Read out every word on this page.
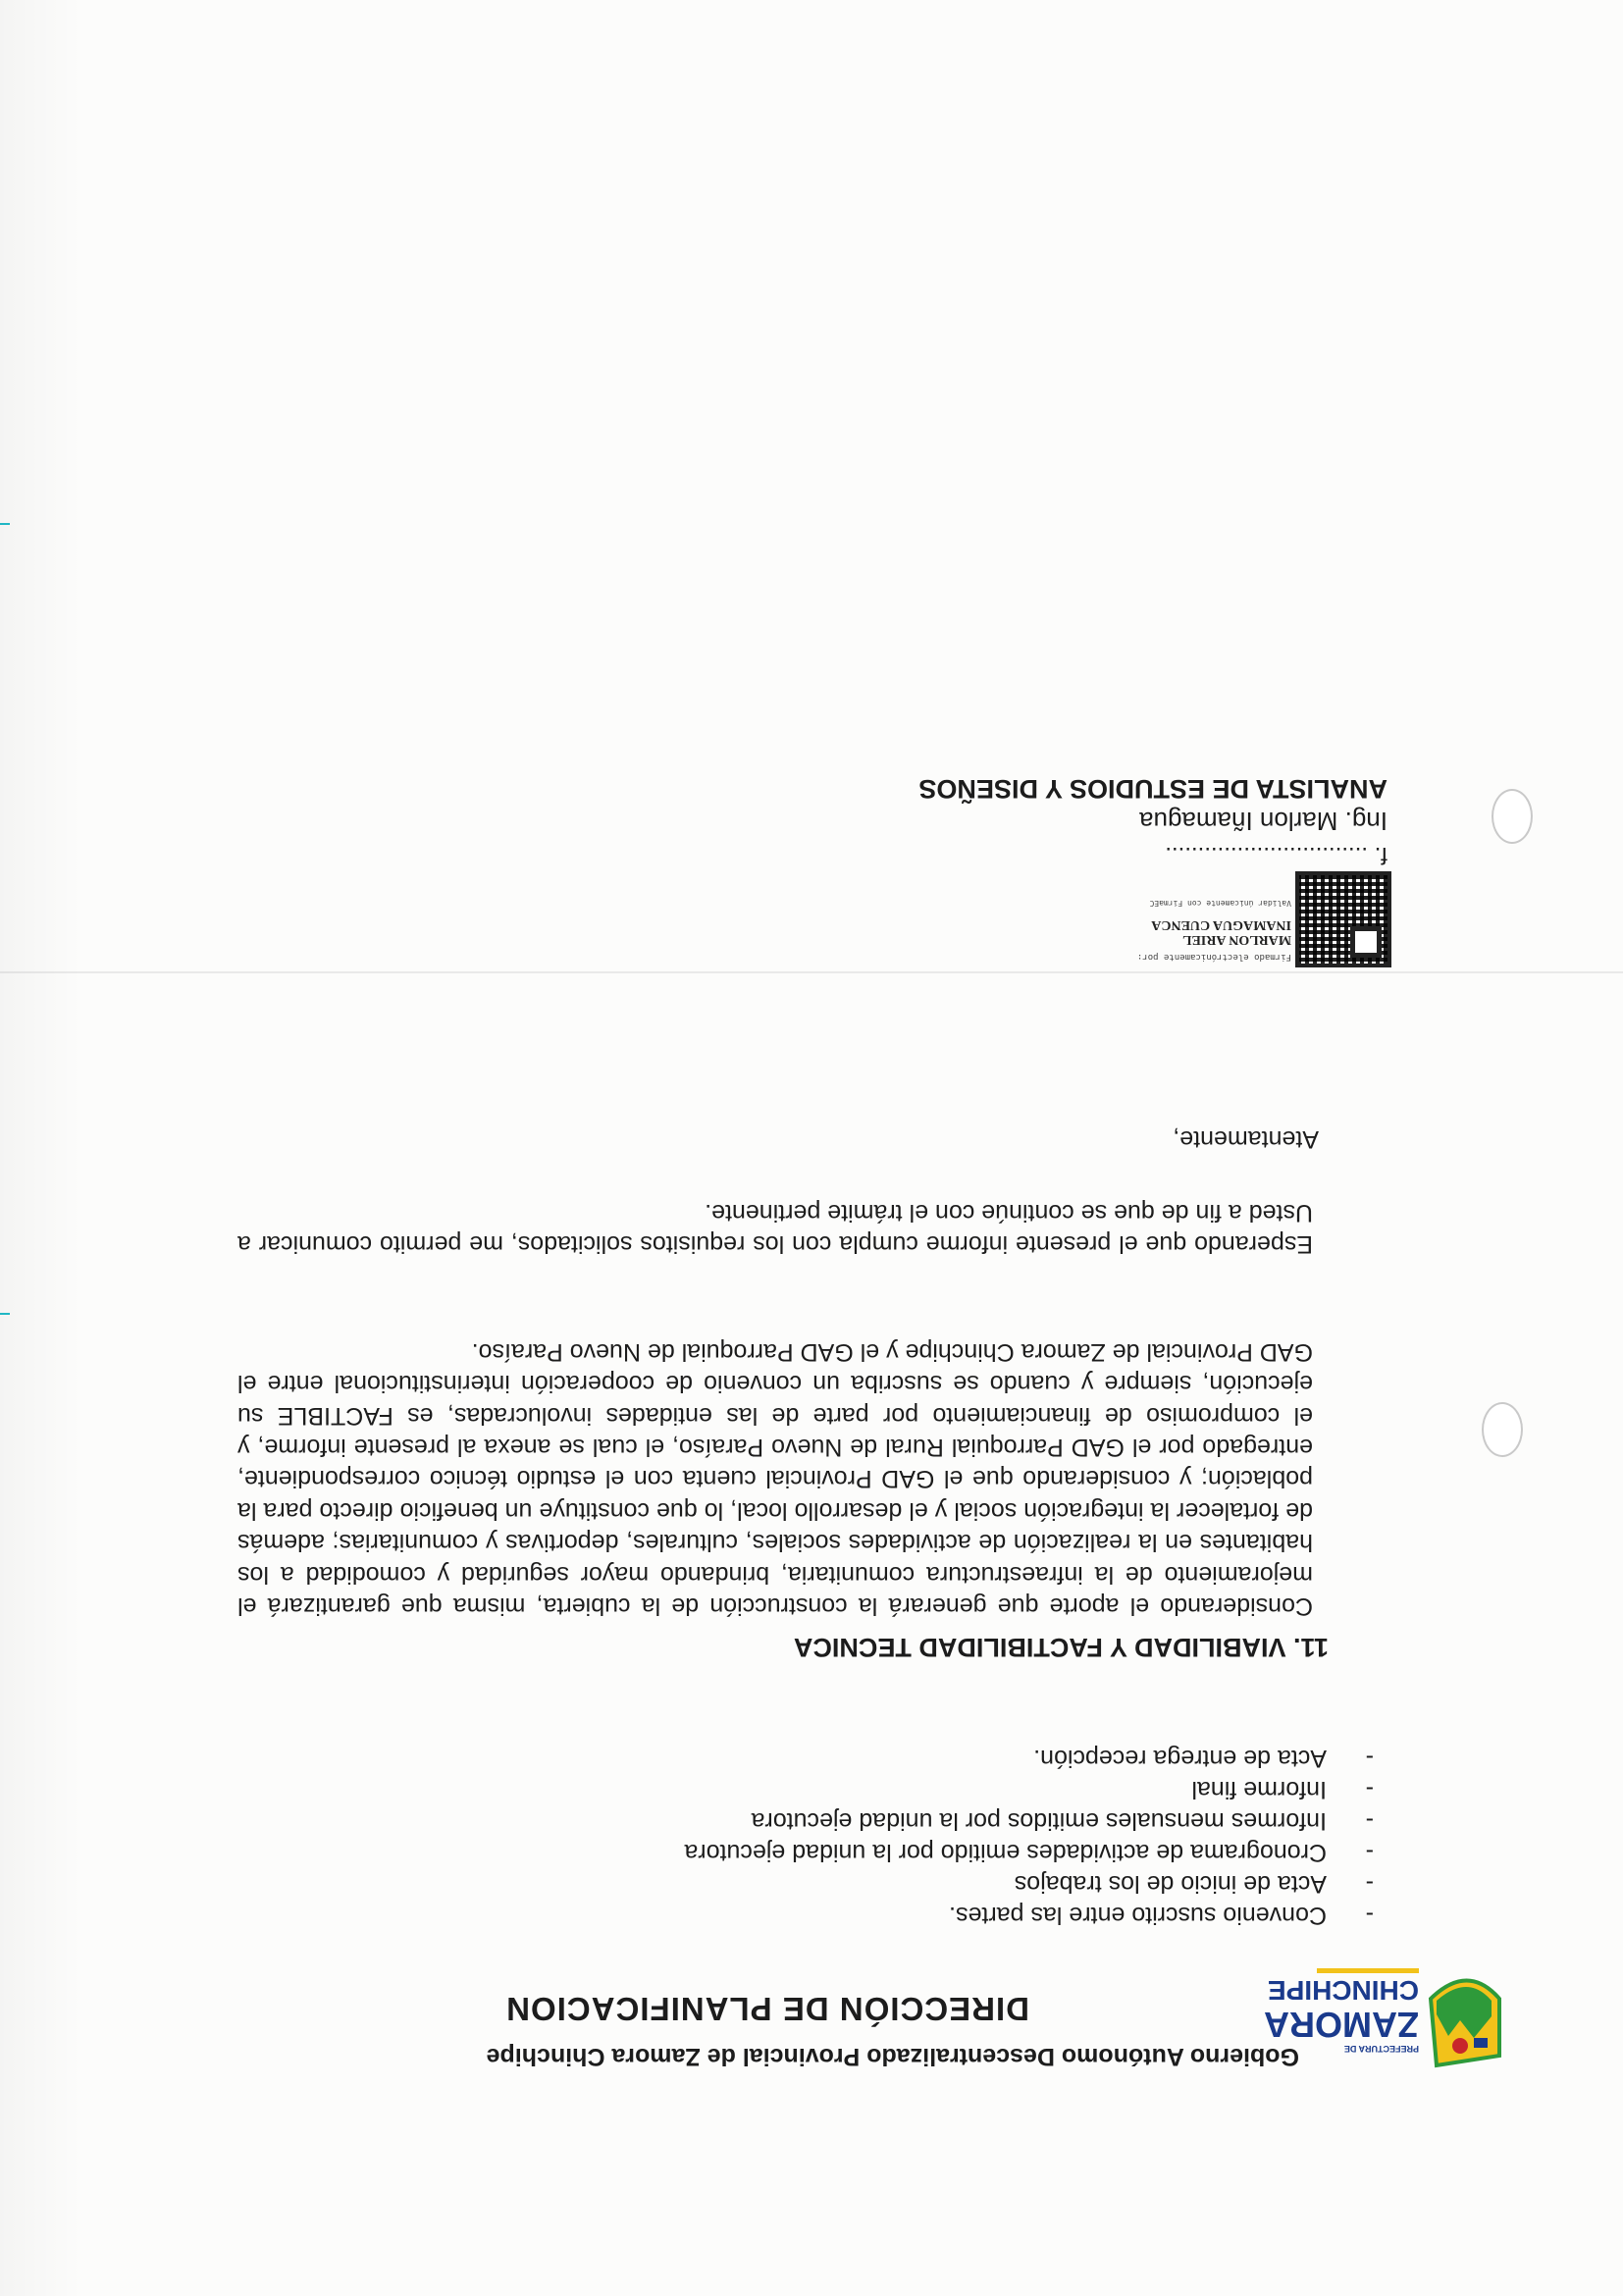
PREFECTURA DE
ZAMORA
CHINCHIPE
Gobierno Autónomo Descentralizado Provincial de Zamora Chinchipe
DIRECCIÓN DE PLANIFICACION
- Convenio suscrito entre las partes.
- Acta de inicio de los trabajos
- Cronograma de actividades emitido por la unidad ejecutora
- Informes mensuales emitidos por la unidad ejecutora
- Informe final
- Acta de entrega recepción.
11. VIABILIDAD Y FACTIBILIDAD TECNICA

Considerando el aporte que generará la construcción de la cubierta, misma que garantizará el mejoramiento de la infraestructura comunitaria, brindando mayor seguridad y comodidad a los habitantes en la realización de actividades sociales, culturales, deportivas y comunitarias; además de fortalecer la integración social y el desarrollo local, lo que constituye un beneficio directo para la población; y considerando que el GAD Provincial cuenta con el estudio técnico correspondiente, entregado por el GAD Parroquial Rural de Nuevo Paraíso, el cual se anexa al presente informe, y el compromiso de financiamiento por parte de las entidades involucradas, es FACTIBLE su ejecución, siempre y cuando se suscriba un convenio de cooperación interinstitucional entre el GAD Provincial de Zamora Chinchipe y el GAD Parroquial de Nuevo Paraíso.

Esperando que el presente informe cumpla con los requisitos solicitados, me permito comunicar a Usted a fin de que se continúe con el trámite pertinente.

Atentamente,
Firmado electrónicamente por:
MARLON ARIEL
INAMAGUA CUENCA
Validar únicamente con FirmaEC
f. ...............................
Ing. Marlon Iñamagua
ANALISTA DE ESTUDIOS Y DISEÑOS
